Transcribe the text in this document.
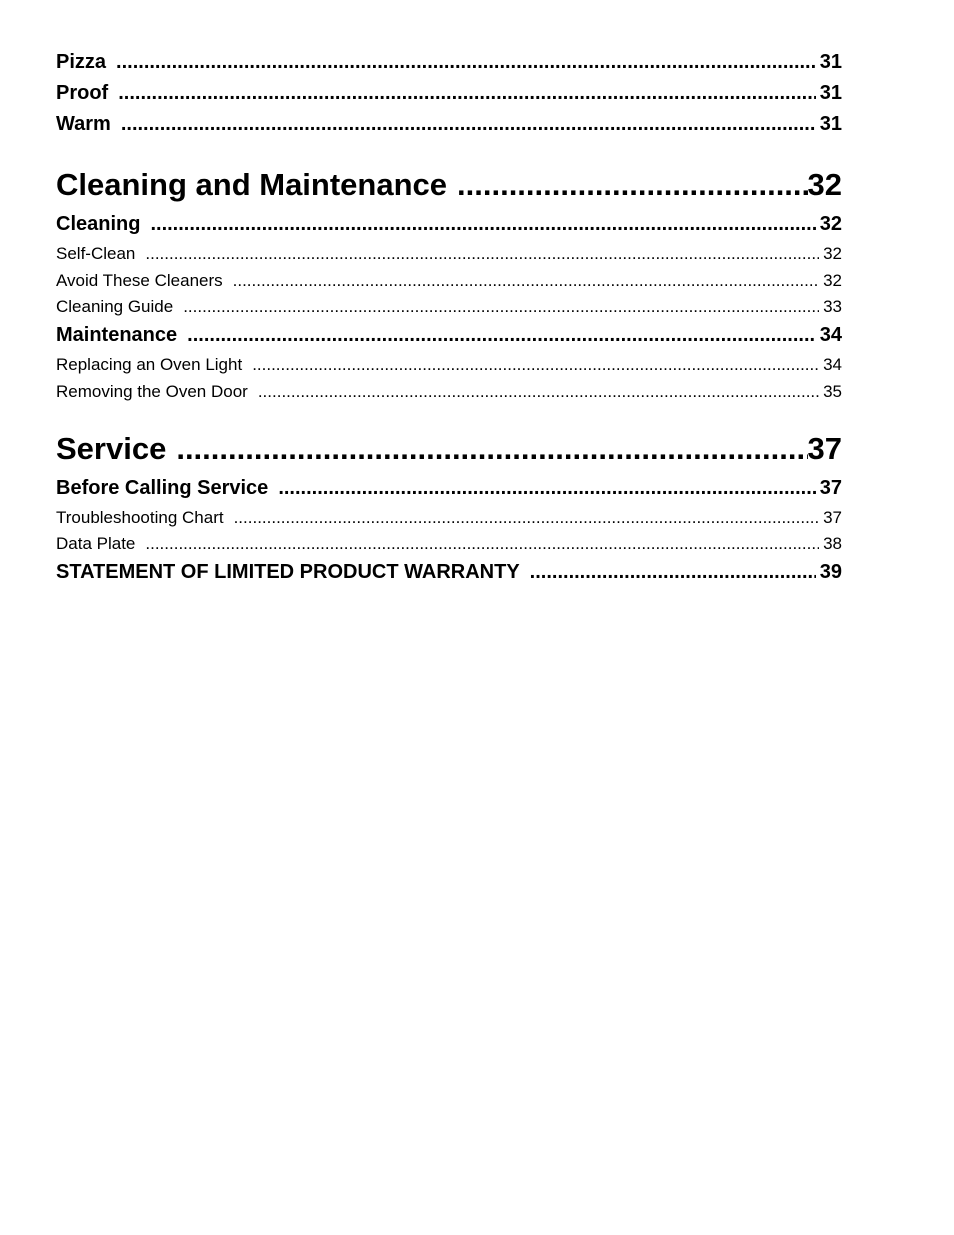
Pizza .....	31
Proof .....	31
Warm .....	31
Cleaning and Maintenance .....	32
Cleaning .....	32
Self-Clean .....	32
Avoid These Cleaners .....	32
Cleaning Guide .....	33
Maintenance .....	34
Replacing an Oven Light .....	34
Removing the Oven Door .....	35
Service .....	37
Before Calling Service .....	37
Troubleshooting Chart .....	37
Data Plate .....	38
STATEMENT OF LIMITED PRODUCT WARRANTY .....	39
